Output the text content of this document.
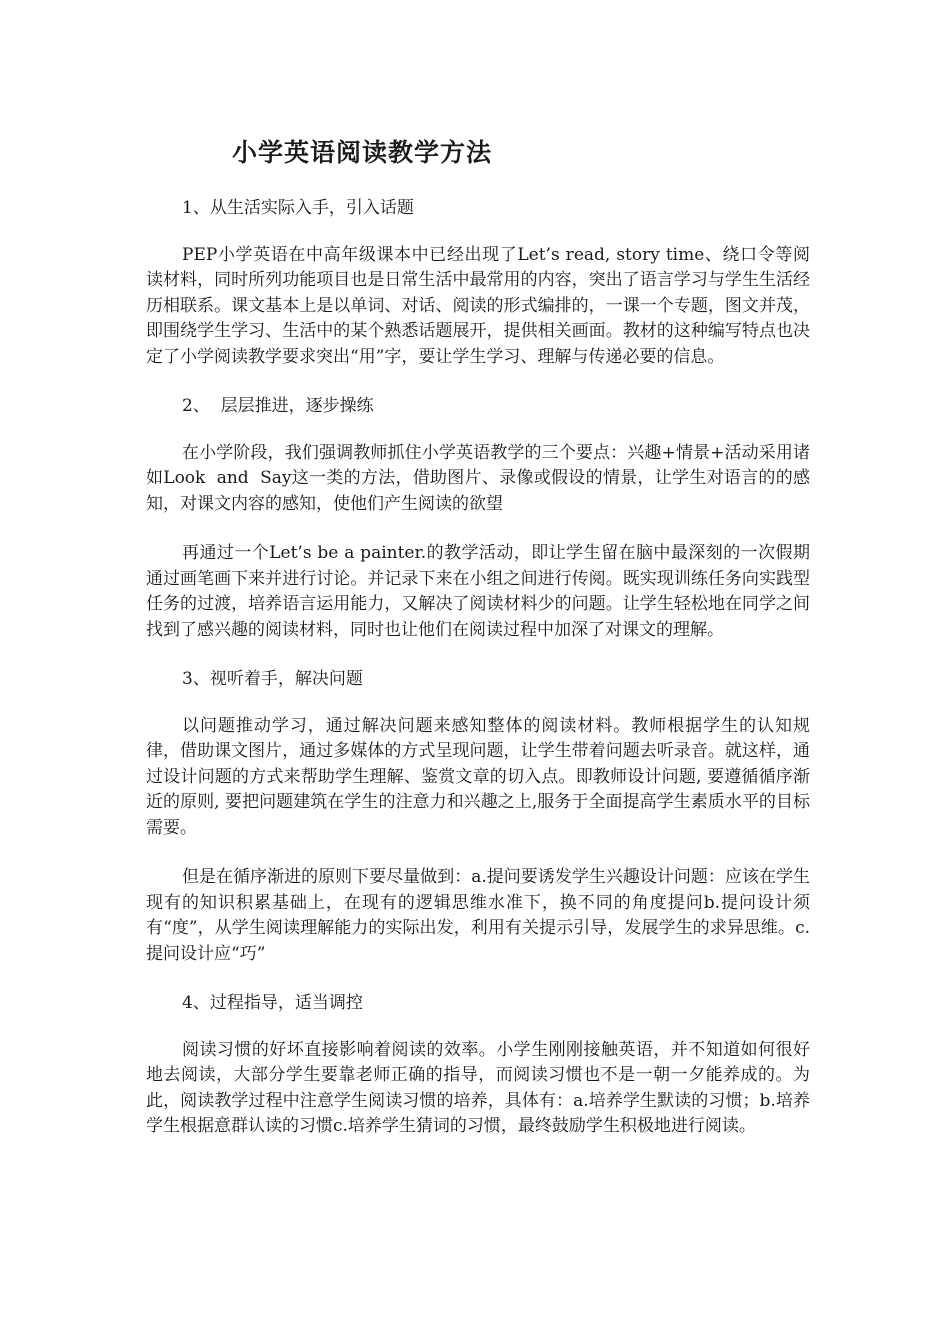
小学英语阅读教学方法

1、从生活实际入手，引入话题

PEP小学英语在中高年级课本中已经出现了Let’s read, story time、绕口令等阅读材料，同时所列功能项目也是日常生活中最常用的内容，突出了语言学习与学生生活经历相联系。课文基本上是以单词、对话、阅读的形式编排的，一课一个专题，图文并茂，即围绕学生学习、生活中的某个熟悉话题展开，提供相关画面。教材的这种编写特点也决定了小学阅读教学要求突出“用”字，要让学生学习、理解与传递必要的信息。

2、  层层推进，逐步操练

在小学阶段，我们强调教师抓住小学英语教学的三个要点：兴趣+情景+活动采用诸如Look  and  Say这一类的方法，借助图片、录像或假设的情景，让学生对语言的的感知，对课文内容的感知，使他们产生阅读的欲望

再通过一个Let’s be a painter.的教学活动，即让学生留在脑中最深刻的一次假期通过画笔画下来并进行讨论。并记录下来在小组之间进行传阅。既实现训练任务向实践型任务的过渡，培养语言运用能力，又解决了阅读材料少的问题。让学生轻松地在同学之间找到了感兴趣的阅读材料，同时也让他们在阅读过程中加深了对课文的理解。

3、视听着手，解决问题

以问题推动学习，通过解决问题来感知整体的阅读材料。教师根据学生的认知规律，借助课文图片，通过多媒体的方式呈现问题，让学生带着问题去听录音。就这样，通过设计问题的方式来帮助学生理解、鉴赏文章的切入点。即教师设计问题, 要遵循循序渐近的原则, 要把问题建筑在学生的注意力和兴趣之上,服务于全面提高学生素质水平的目标需要。

但是在循序渐进的原则下要尽量做到：a.提问要诱发学生兴趣设计问题：应该在学生现有的知识积累基础上，在现有的逻辑思维水准下，换不同的角度提问b.提问设计须有“度”，从学生阅读理解能力的实际出发，利用有关提示引导，发展学生的求异思维。c.提问设计应“巧”

4、过程指导，适当调控

阅读习惯的好坏直接影响着阅读的效率。小学生刚刚接触英语，并不知道如何很好地去阅读，大部分学生要靠老师正确的指导，而阅读习惯也不是一朝一夕能养成的。为此，阅读教学过程中注意学生阅读习惯的培养，具体有：a.培养学生默读的习惯；b.培养学生根据意群认读的习惯c.培养学生猜词的习惯，最终鼓励学生积极地进行阅读。
